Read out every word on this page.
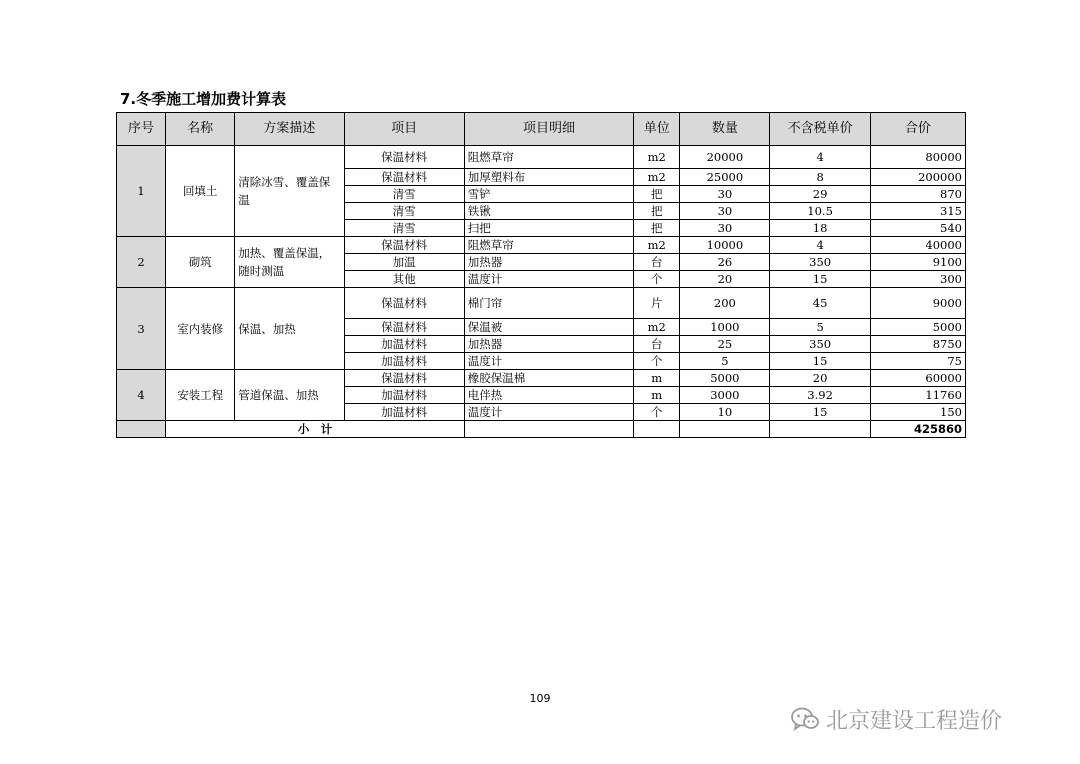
7.冬季施工增加费计算表
序号	名称	方案描述	项目	项目明细	单位	数量	不含税单价	合价
1	回填土	清除冰雪、覆盖保温	保温材料	阻燃草帘	m2	20000	4	80000
			保温材料	加厚塑料布	m2	25000	8	200000
			清雪	雪铲	把	30	29	870
			清雪	铁锹	把	30	10.5	315
			清雪	扫把	把	30	18	540
2	砌筑	加热、覆盖保温，随时测温	保温材料	阻燃草帘	m2	10000	4	40000
			加温	加热器	台	26	350	9100
			其他	温度计	个	20	15	300
3	室内装修	保温、加热	保温材料	棉门帘	片	200	45	9000
			保温材料	保温被	m2	1000	5	5000
			加温材料	加热器	台	25	350	8750
			加温材料	温度计	个	5	15	75
4	安装工程	管道保温、加热	保温材料	橡胶保温棉	m	5000	20	60000
			加温材料	电伴热	m	3000	3.92	11760
			加温材料	温度计	个	10	15	150
	小　计							425860
109
北京建设工程造价
